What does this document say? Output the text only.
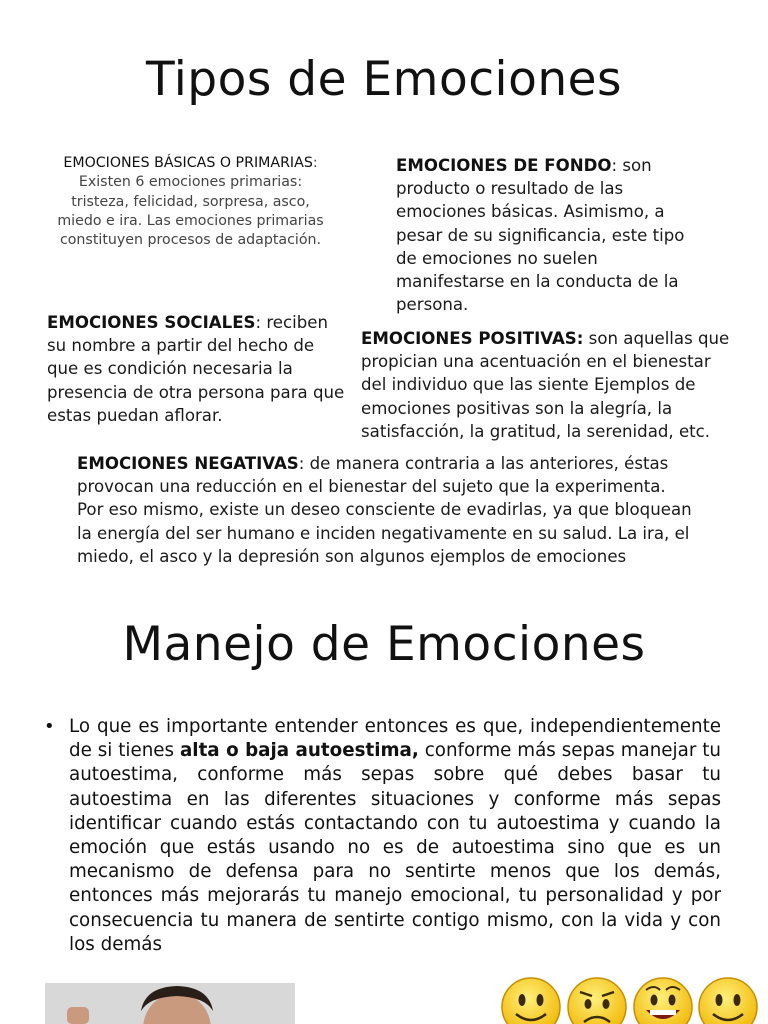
Tipos de Emociones
EMOCIONES BÁSICAS O PRIMARIAS: Existen 6 emociones primarias: tristeza, felicidad, sorpresa, asco, miedo e ira. Las emociones primarias constituyen procesos de adaptación.
EMOCIONES DE FONDO: son producto o resultado de las emociones básicas. Asimismo, a pesar de su significancia, este tipo de emociones no suelen manifestarse en la conducta de la persona.
EMOCIONES SOCIALES: reciben su nombre a partir del hecho de que es condición necesaria la presencia de otra persona para que estas puedan aflorar.
EMOCIONES POSITIVAS: son aquellas que propician una acentuación en el bienestar del individuo que las siente Ejemplos de emociones positivas son la alegría, la satisfacción, la gratitud, la serenidad, etc.
EMOCIONES NEGATIVAS: de manera contraria a las anteriores, éstas provocan una reducción en el bienestar del sujeto que la experimenta. Por eso mismo, existe un deseo consciente de evadirlas, ya que bloquean la energía del ser humano e inciden negativamente en su salud. La ira, el miedo, el asco y la depresión son algunos ejemplos de emociones
Manejo de Emociones
• Lo que es importante entender entonces es que, independientemente de si tienes alta o baja autoestima, conforme más sepas manejar tu autoestima, conforme más sepas sobre qué debes basar tu autoestima en las diferentes situaciones y conforme más sepas identificar cuando estás contactando con tu autoestima y cuando la emoción que estás usando no es de autoestima sino que es un mecanismo de defensa para no sentirte menos que los demás, entonces más mejorarás tu manejo emocional, tu personalidad y por consecuencia tu manera de sentirte contigo mismo, con la vida y con los demás
